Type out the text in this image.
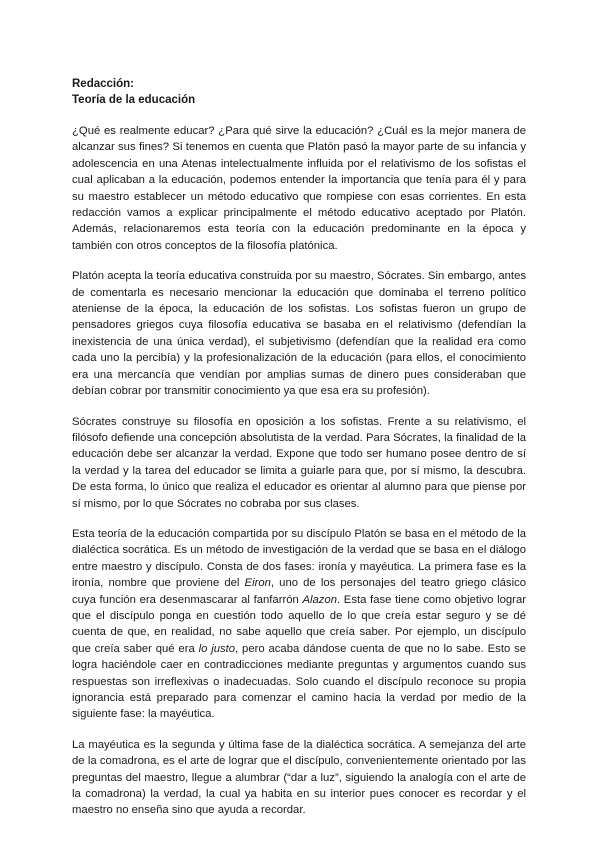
Redacción:
Teoría de la educación

¿Qué es realmente educar? ¿Para qué sirve la educación? ¿Cuál es la mejor manera de alcanzar sus fines? Si tenemos en cuenta que Platón pasó la mayor parte de su infancia y adolescencia en una Atenas intelectualmente influida por el relativismo de los sofistas el cual aplicaban a la educación, podemos entender la importancia que tenía para él y para su maestro establecer un método educativo que rompiese con esas corrientes. En esta redacción vamos a explicar principalmente el método educativo aceptado por Platón. Además, relacionaremos esta teoría con la educación predominante en la época y también con otros conceptos de la filosofía platónica.

Platón acepta la teoría educativa construida por su maestro, Sócrates. Sin embargo, antes de comentarla es necesario mencionar la educación que dominaba el terreno político ateniense de la época, la educación de los sofistas. Los sofistas fueron un grupo de pensadores griegos cuya filosofía educativa se basaba en el relativismo (defendían la inexistencia de una única verdad), el subjetivismo (defendían que la realidad era como cada uno la percibía) y la profesionalización de la educación (para ellos, el conocimiento era una mercancía que vendían por amplias sumas de dinero pues consideraban que debían cobrar por transmitir conocimiento ya que esa era su profesión).

Sócrates construye su filosofía en oposición a los sofistas. Frente a su relativismo, el filósofo defiende una concepción absolutista de la verdad. Para Sócrates, la finalidad de la educación debe ser alcanzar la verdad. Expone que todo ser humano posee dentro de sí la verdad y la tarea del educador se limita a guiarle para que, por sí mismo, la descubra. De esta forma, lo único que realiza el educador es orientar al alumno para que piense por sí mismo, por lo que Sócrates no cobraba por sus clases.

Esta teoría de la educación compartida por su discípulo Platón se basa en el método de la dialéctica socrática. Es un método de investigación de la verdad que se basa en el diálogo entre maestro y discípulo. Consta de dos fases: ironía y mayéutica. La primera fase es la ironía, nombre que proviene del Eiron, uno de los personajes del teatro griego clásico cuya función era desenmascarar al fanfarrón Alazon. Esta fase tiene como objetivo lograr que el discípulo ponga en cuestión todo aquello de lo que creía estar seguro y se dé cuenta de que, en realidad, no sabe aquello que creía saber. Por ejemplo, un discípulo que creía saber qué era lo justo, pero acaba dándose cuenta de que no lo sabe. Esto se logra haciéndole caer en contradicciones mediante preguntas y argumentos cuando sus respuestas son irreflexivas o inadecuadas. Solo cuando el discípulo reconoce su propia ignorancia está preparado para comenzar el camino hacia la verdad por medio de la siguiente fase: la mayéutica.

La mayéutica es la segunda y última fase de la dialéctica socrática. A semejanza del arte de la comadrona, es el arte de lograr que el discípulo, convenientemente orientado por las preguntas del maestro, llegue a alumbrar (“dar a luz”, siguiendo la analogía con el arte de la comadrona) la verdad, la cual ya habita en su interior pues conocer es recordar y el maestro no enseña sino que ayuda a recordar.
